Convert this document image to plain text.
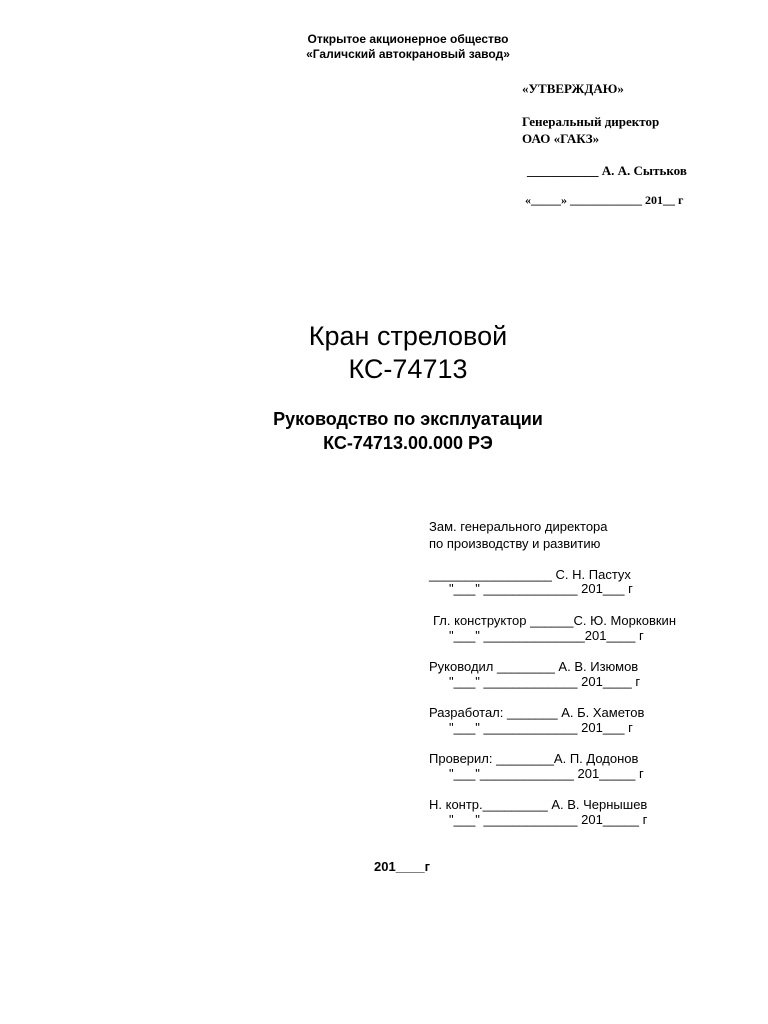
Открытое акционерное общество
«Галичский автокрановый завод»
«УТВЕРЖДАЮ»
Генеральный директор
ОАО «ГАКЗ»
___________ А. А. Сытьков
«_____» ____________ 201__ г
Кран стреловой
КС-74713
Руководство по эксплуатации
КС-74713.00.000 РЭ
Зам. генерального директора
по производству и развитию
_________________ С. Н. Пастух
"___" _____________ 201___ г
Гл. конструктор ______С. Ю. Морковкин
"___" ______________201____ г
Руководил ________ А. В. Изюмов
"___" _____________ 201____ г
Разработал: _______ А. Б. Хаметов
"___" _____________ 201___ г
Проверил: ________А. П. Додонов
"___"_____________ 201_____ г
Н. контр._________ А. В. Чернышев
"___" _____________ 201_____ г
201____г
